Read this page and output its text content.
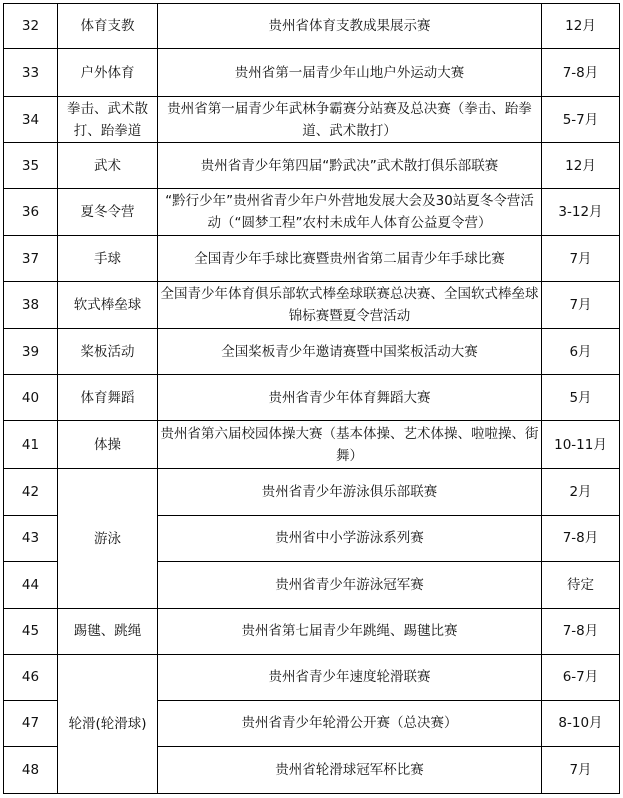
32	体育支教	贵州省体育支教成果展示赛	12月
33	户外体育	贵州省第一届青少年山地户外运动大赛	7-8月
34	拳击、武术散打、跆拳道	贵州省第一届青少年武林争霸赛分站赛及总决赛（拳击、跆拳道、武术散打）	5-7月
35	武术	贵州省青少年第四届“黔武决”武术散打俱乐部联赛	12月
36	夏冬令营	“黔行少年”贵州省青少年户外营地发展大会及30站夏冬令营活动（“圆梦工程”农村未成年人体育公益夏令营）	3-12月
37	手球	全国青少年手球比赛暨贵州省第二届青少年手球比赛	7月
38	软式棒垒球	全国青少年体育俱乐部软式棒垒球联赛总决赛、全国软式棒垒球锦标赛暨夏令营活动	7月
39	桨板活动	全国桨板青少年邀请赛暨中国桨板活动大赛	6月
40	体育舞蹈	贵州省青少年体育舞蹈大赛	5月
41	体操	贵州省第六届校园体操大赛（基本体操、艺术体操、啦啦操、街舞）	10-11月
42	游泳	贵州省青少年游泳俱乐部联赛	2月
43		贵州省中小学游泳系列赛	7-8月
44		贵州省青少年游泳冠军赛	待定
45	踢毽、跳绳	贵州省第七届青少年跳绳、踢毽比赛	7-8月
46	轮滑(轮滑球)	贵州省青少年速度轮滑联赛	6-7月
47		贵州省青少年轮滑公开赛（总决赛）	8-10月
48		贵州省轮滑球冠军杯比赛	7月
